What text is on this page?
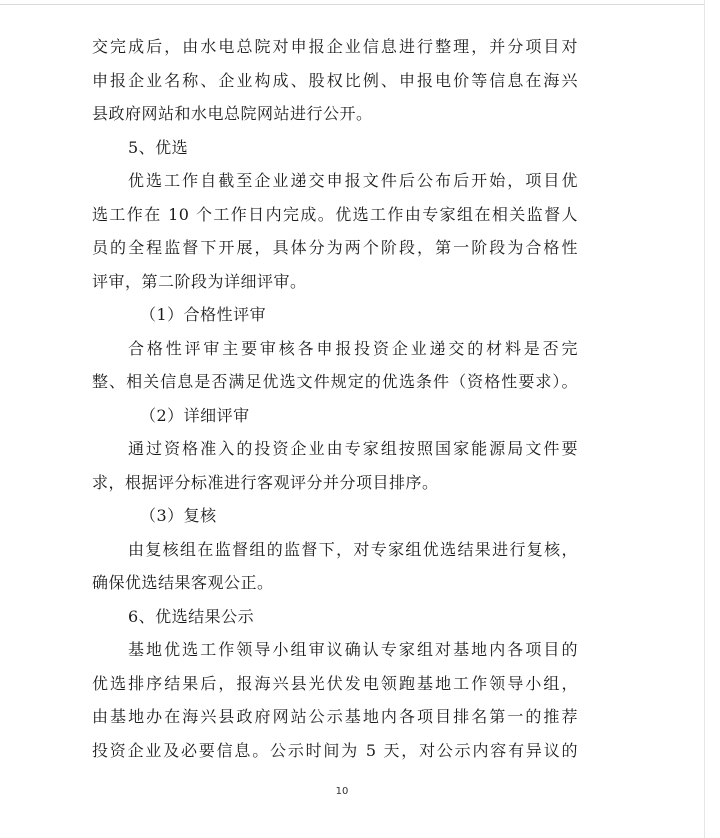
交完成后，由水电总院对申报企业信息进行整理，并分项目对
申报企业名称、企业构成、股权比例、申报电价等信息在海兴
县政府网站和水电总院网站进行公开。
5、优选
优选工作自截至企业递交申报文件后公布后开始，项目优
选工作在 10 个工作日内完成。优选工作由专家组在相关监督人
员的全程监督下开展，具体分为两个阶段，第一阶段为合格性
评审，第二阶段为详细评审。
（1）合格性评审
合格性评审主要审核各申报投资企业递交的材料是否完
整、相关信息是否满足优选文件规定的优选条件（资格性要求）。
（2）详细评审
通过资格准入的投资企业由专家组按照国家能源局文件要
求，根据评分标准进行客观评分并分项目排序。
（3）复核
由复核组在监督组的监督下，对专家组优选结果进行复核，
确保优选结果客观公正。
6、优选结果公示
基地优选工作领导小组审议确认专家组对基地内各项目的
优选排序结果后，报海兴县光伏发电领跑基地工作领导小组，
由基地办在海兴县政府网站公示基地内各项目排名第一的推荐
投资企业及必要信息。公示时间为 5 天，对公示内容有异议的
10
